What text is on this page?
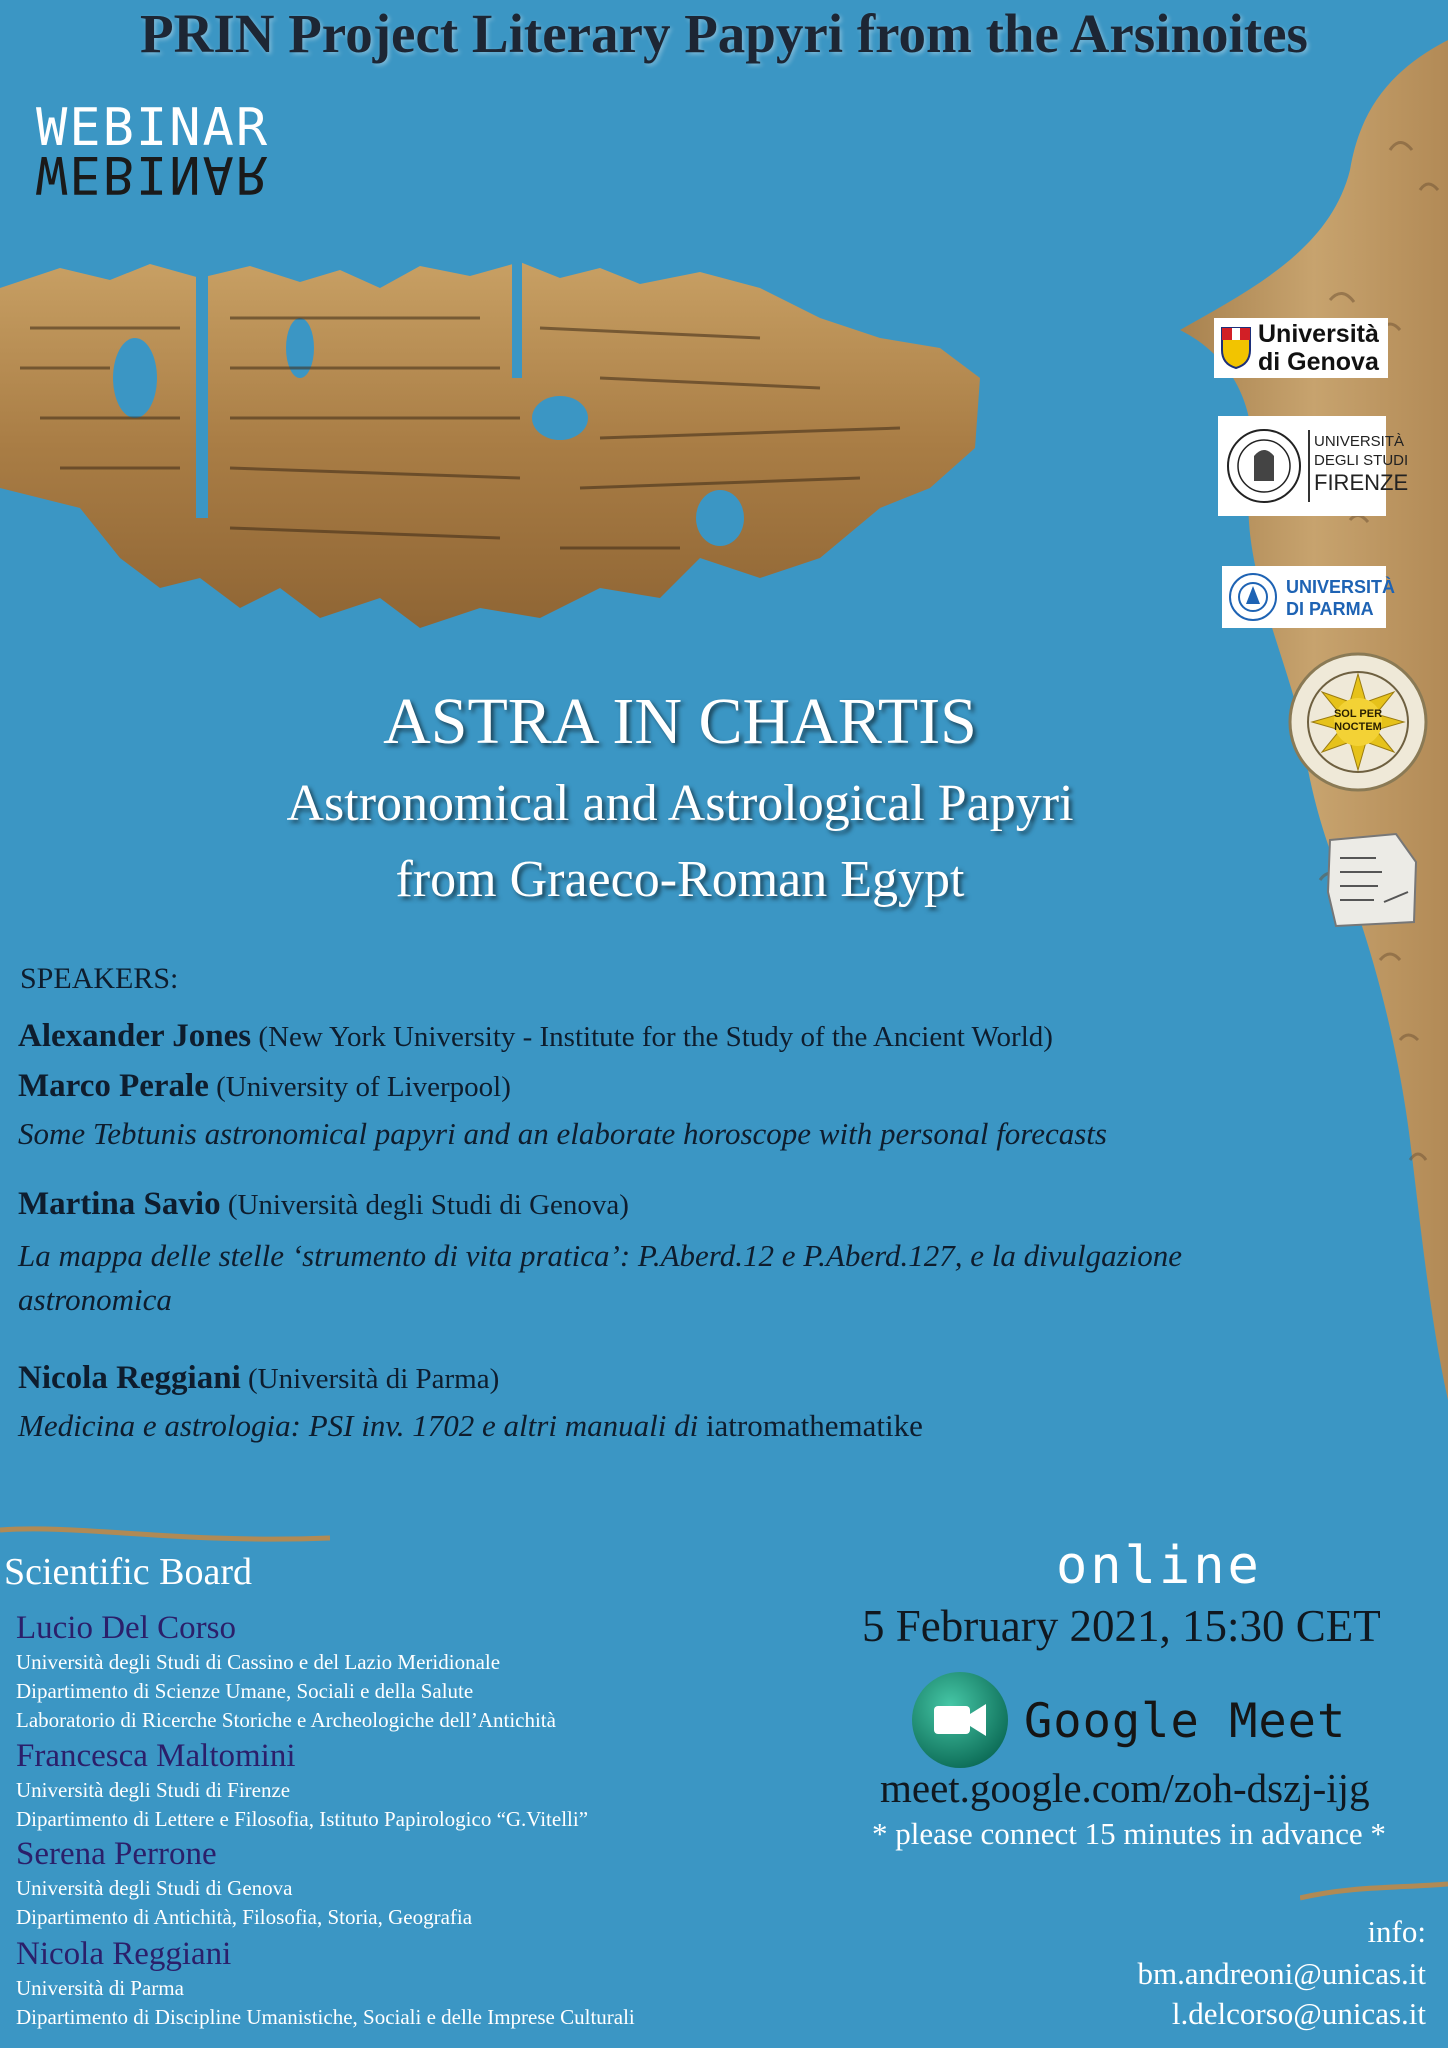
PRIN Project Literary Papyri from the Arsinoites
WEBINAR
WEBINAR
Università
di Genova
UNIVERSITÀ
DEGLI STUDI
FIRENZE
UNIVERSITÀ
DI PARMA
SOL PER
NOCTEM
ASTRA IN CHARTIS
Astronomical and Astrological Papyri
from Graeco-Roman Egypt
SPEAKERS:
Alexander Jones (New York University - Institute for the Study of the Ancient World)
Marco Perale (University of Liverpool)
Some Tebtunis astronomical papyri and an elaborate horoscope with personal forecasts
Martina Savio (Università degli Studi di Genova)
La mappa delle stelle ‘strumento di vita pratica’: P.Aberd.12 e P.Aberd.127, e la divulgazione
astronomica
Nicola Reggiani (Università di Parma)
Medicina e astrologia: PSI inv. 1702 e altri manuali di iatromathematike
Scientific Board
Lucio Del Corso
Università degli Studi di Cassino e del Lazio Meridionale
Dipartimento di Scienze Umane, Sociali e della Salute
Laboratorio di Ricerche Storiche e Archeologiche dell’Antichità
Francesca Maltomini
Università degli Studi di Firenze
Dipartimento di Lettere e Filosofia, Istituto Papirologico “G.Vitelli”
Serena Perrone
Università degli Studi di Genova
Dipartimento di Antichità, Filosofia, Storia, Geografia
Nicola Reggiani
Università di Parma
Dipartimento di Discipline Umanistiche, Sociali e delle Imprese Culturali
online
5 February 2021, 15:30 CET
Google Meet
meet.google.com/zoh-dszj-ijg
* please connect 15 minutes in advance *
info:
bm.andreoni@unicas.it
l.delcorso@unicas.it
